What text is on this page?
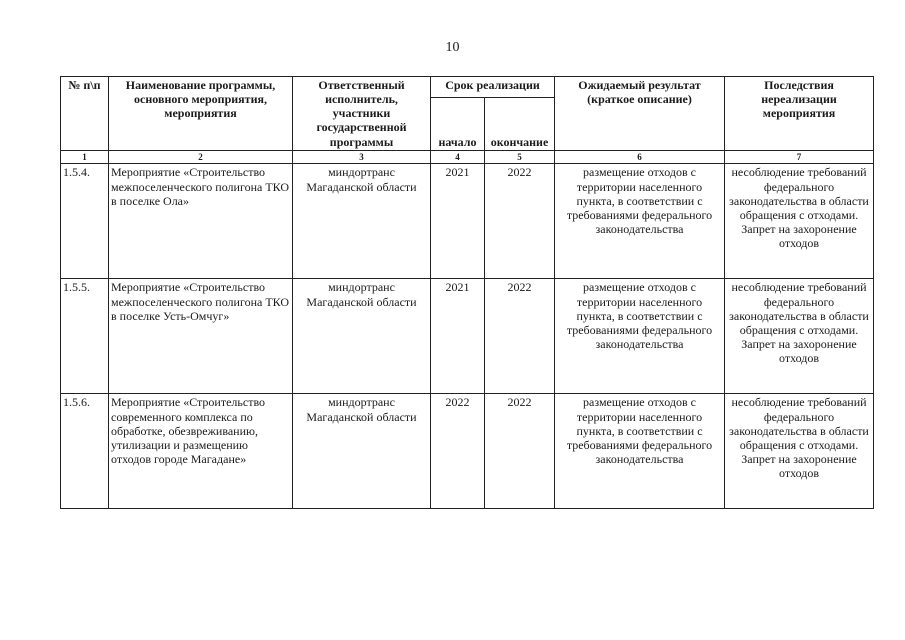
10
№ п\п	Наименование программы, основного мероприятия, мероприятия	Ответственный исполнитель, участники государственной программы	Срок реализации		Ожидаемый результат (краткое описание)	Последствия нереализации мероприятия
			начало	окончание		
1	2	3	4	5	6	7
1.5.4.	Мероприятие «Строительство межпоселенческого полигона ТКО в поселке Ола»	миндортранс Магаданской области	2021	2022	размещение отходов с территории населенного пункта, в соответствии с требованиями федерального законодательства	несоблюдение требований федерального законодательства в области обращения с отходами. Запрет на захоронение отходов
1.5.5.	Мероприятие «Строительство межпоселенческого полигона ТКО в поселке Усть-Омчуг»	миндортранс Магаданской области	2021	2022	размещение отходов с территории населенного пункта, в соответствии с требованиями федерального законодательства	несоблюдение требований федерального законодательства в области обращения с отходами. Запрет на захоронение отходов
1.5.6.	Мероприятие «Строительство современного комплекса по обработке, обезвреживанию, утилизации и размещению отходов городе Магадане»	миндортранс Магаданской области	2022	2022	размещение отходов с территории населенного пункта, в соответствии с требованиями федерального законодательства	несоблюдение требований федерального законодательства в области обращения с отходами. Запрет на захоронение отходов
